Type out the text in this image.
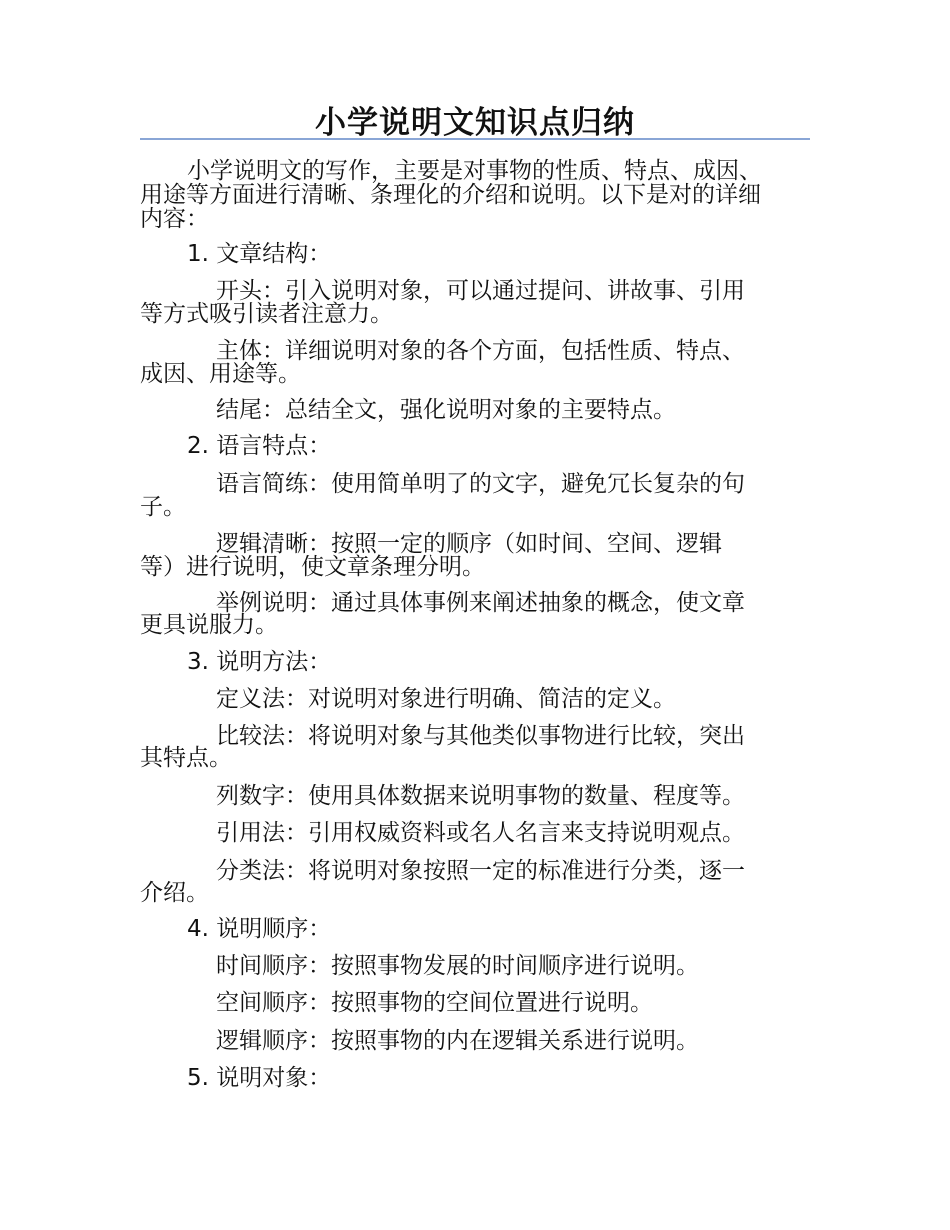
小学说明文知识点归纳
小学说明文的写作，主要是对事物的性质、特点、成因、
用途等方面进行清晰、条理化的介绍和说明。以下是对的详细
内容：
1. 文章结构：
开头：引入说明对象，可以通过提问、讲故事、引用
等方式吸引读者注意力。
主体：详细说明对象的各个方面，包括性质、特点、
成因、用途等。
结尾：总结全文，强化说明对象的主要特点。
2. 语言特点：
语言简练：使用简单明了的文字，避免冗长复杂的句
子。
逻辑清晰：按照一定的顺序（如时间、空间、逻辑
等）进行说明，使文章条理分明。
举例说明：通过具体事例来阐述抽象的概念，使文章
更具说服力。
3. 说明方法：
定义法：对说明对象进行明确、简洁的定义。
比较法：将说明对象与其他类似事物进行比较，突出
其特点。
列数字：使用具体数据来说明事物的数量、程度等。
引用法：引用权威资料或名人名言来支持说明观点。
分类法：将说明对象按照一定的标准进行分类，逐一
介绍。
4. 说明顺序：
时间顺序：按照事物发展的时间顺序进行说明。
空间顺序：按照事物的空间位置进行说明。
逻辑顺序：按照事物的内在逻辑关系进行说明。
5. 说明对象：
